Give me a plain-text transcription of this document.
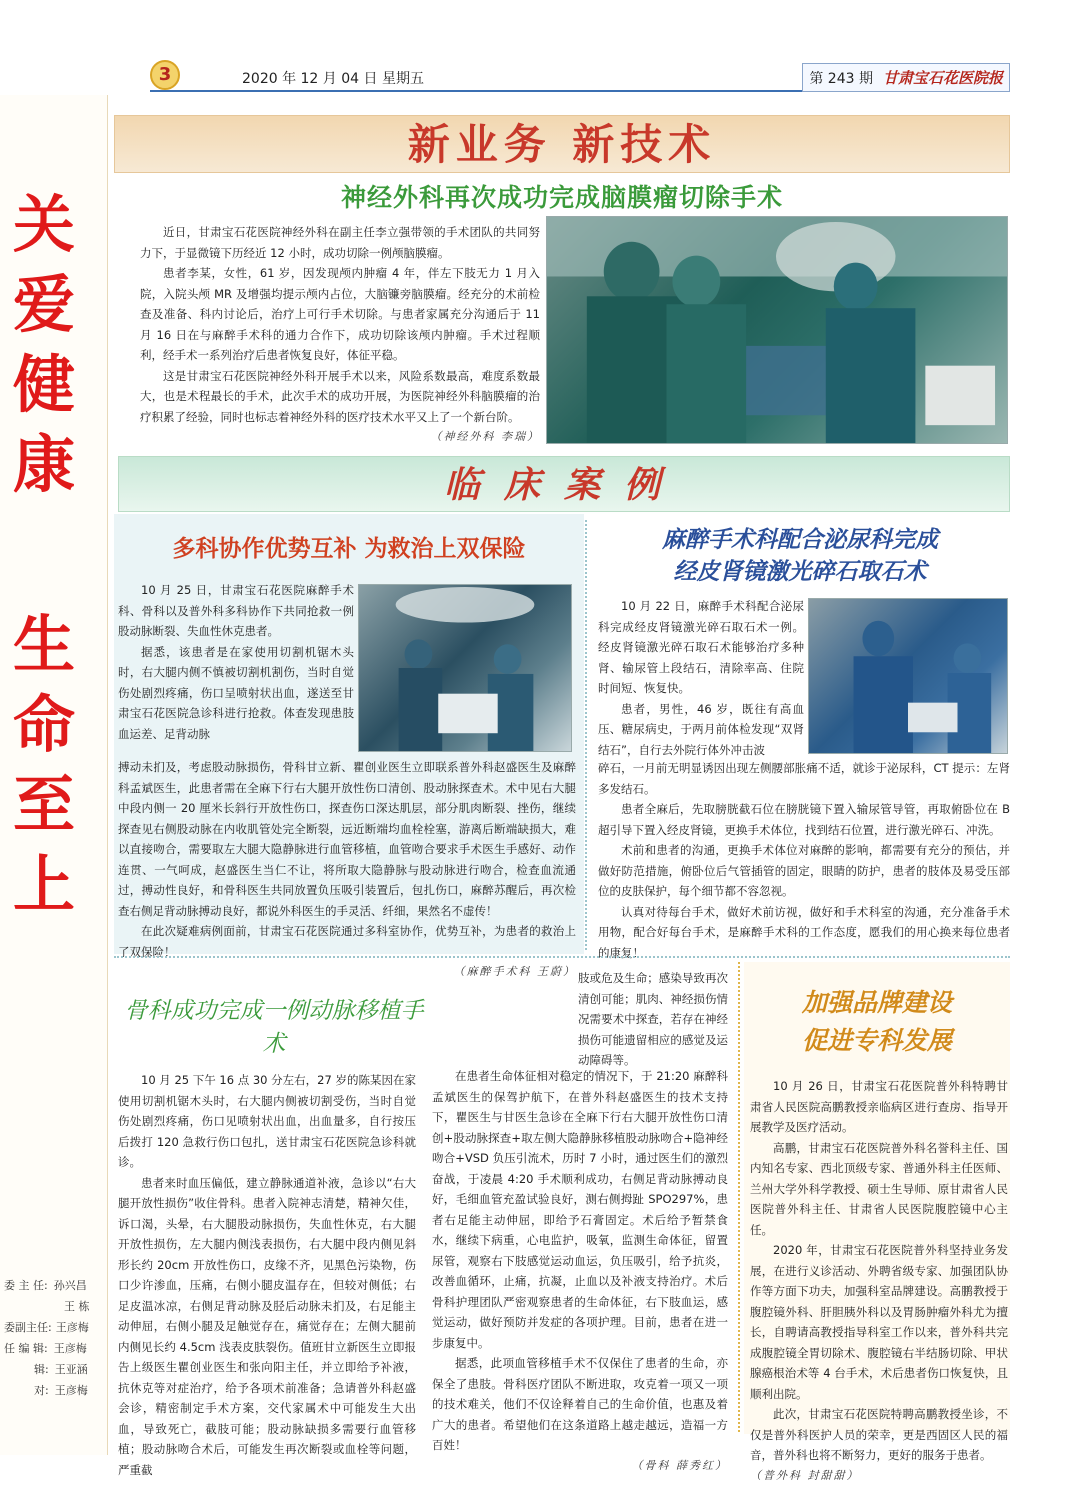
关
爱
健
康
生
命
至
上
委 主 任: 孙兴昌
王 栋
委副主任: 王彦梅
任 编 辑: 王彦梅
辑: 王亚涵
对: 王彦梅
3	2020 年 12 月 04 日 星期五	第 243 期 甘肃宝石花医院报
新业务 新技术
神经外科再次成功完成脑膜瘤切除手术
近日，甘肃宝石花医院神经外科在副主任李立强带领的手术团队的共同努力下，于显微镜下历经近 12 小时，成功切除一例颅脑膜瘤。
患者李某，女性，61 岁，因发现颅内肿瘤 4 年，伴左下肢无力 1 月入院，入院头颅 MR 及增强均提示颅内占位，大脑镰旁脑膜瘤。经充分的术前检查及准备、科内讨论后，治疗上可行手术切除。与患者家属充分沟通后于 11 月 16 日在与麻醉手术科的通力合作下，成功切除该颅内肿瘤。手术过程顺利，经手术一系列治疗后患者恢复良好，体征平稳。
这是甘肃宝石花医院神经外科开展手术以来，风险系数最高，难度系数最大，也是术程最长的手术，此次手术的成功开展，为医院神经外科脑膜瘤的治疗积累了经验，同时也标志着神经外科的医疗技术水平又上了一个新台阶。
（神经外科 李瑞）
临床案例
多科协作优势互补 为救治上双保险
10 月 25 日，甘肃宝石花医院麻醉手术科、骨科以及普外科多科协作下共同抢救一例股动脉断裂、失血性休克患者。
据悉，该患者是在家使用切割机锯木头时，右大腿内侧不慎被切割机割伤，当时自觉伤处剧烈疼痛，伤口呈喷射状出血，遂送至甘肃宝石花医院急诊科进行抢救。体查发现患肢血运差、足背动脉
搏动未扪及，考虑股动脉损伤，骨科甘立新、瞿创业医生立即联系普外科赵盛医生及麻醉科孟斌医生，此患者需在全麻下行右大腿开放性伤口清创、股动脉探查术。术中见右大腿中段内侧一 20 厘米长斜行开放性伤口，探查伤口深达肌层，部分肌肉断裂、挫伤，继续探查见右侧股动脉在内收肌管处完全断裂，远近断端均血栓栓塞，游离后断端缺损大，难以直接吻合，需要取左大腿大隐静脉进行血管移植，血管吻合要求手术医生手感好、动作连贯、一气呵成，赵盛医生当仁不让，将所取大隐静脉与股动脉进行吻合，检查血流通过，搏动性良好，和骨科医生共同放置负压吸引装置后，包扎伤口，麻醉苏醒后，再次检查右侧足背动脉搏动良好，都说外科医生的手灵活、纤细，果然名不虚传！
在此次疑难病例面前，甘肃宝石花医院通过多科室协作，优势互补，为患者的救治上了双保险！
（麻醉手术科 王蔚）
麻醉手术科配合泌尿科完成
经皮肾镜激光碎石取石术
10 月 22 日，麻醉手术科配合泌尿科完成经皮肾镜激光碎石取石术一例。经皮肾镜激光碎石取石术能够治疗多种肾、输尿管上段结石，清除率高、住院时间短、恢复快。
患者，男性，46 岁，既往有高血压、糖尿病史，于两月前体检发现“双肾结石”，自行去外院行体外冲击波
碎石，一月前无明显诱因出现左侧腰部胀痛不适，就诊于泌尿科，CT 提示：左肾多发结石。
患者全麻后，先取膀胱截石位在膀胱镜下置入输尿管导管，再取俯卧位在 B 超引导下置入经皮肾镜，更换手术体位，找到结石位置，进行激光碎石、冲洗。
术前和患者的沟通，更换手术体位对麻醉的影响，都需要有充分的预估，并做好防范措施，俯卧位后气管插管的固定，眼睛的防护，患者的肢体及易受压部位的皮肤保护，每个细节都不容忽视。
认真对待每台手术，做好术前访视，做好和手术科室的沟通，充分准备手术用物，配合好每台手术，是麻醉手术科的工作态度，愿我们的用心换来每位患者的康复！
骨科成功完成一例动脉移植手术
10 月 25 下午 16 点 30 分左右，27 岁的陈某因在家使用切割机锯木头时，右大腿内侧被切割受伤，当时自觉伤处剧烈疼痛，伤口见喷射状出血，出血量多，自行按压后拨打 120 急救行伤口包扎，送甘肃宝石花医院急诊科就诊。
患者来时血压偏低，建立静脉通道补液，急诊以“右大腿开放性损伤”收住骨科。患者入院神志清楚，精神欠佳，诉口渴，头晕，右大腿股动脉损伤，失血性休克，右大腿开放性损伤，左大腿内侧浅表损伤，右大腿中段内侧见斜形长约 20cm 开放性伤口，皮缘不齐，见黑色污染物，伤口少许渗血，压痛，右侧小腿皮温存在，但较对侧低；右足皮温冰凉，右侧足背动脉及胫后动脉未扪及，右足能主动伸屈，右侧小腿及足触觉存在，痛觉存在；左侧大腿前内侧见长约 4.5cm 浅表皮肤裂伤。值班甘立新医生立即报告上级医生瞿创业医生和张向阳主任，并立即给予补液，抗休克等对症治疗，给予各项术前准备；急请普外科赵盛会诊，精密制定手术方案，交代家属术中可能发生大出血，导致死亡，截肢可能；股动脉缺损多需要行血管移植；股动脉吻合术后，可能发生再次断裂或血栓等问题，严重截
肢或危及生命；感染导致再次清创可能；肌肉、神经损伤情况需要术中探查，若存在神经损伤可能遗留相应的感觉及运动障碍等。
在患者生命体征相对稳定的情况下，于 21:20 麻醉科孟斌医生的保驾护航下，在普外科赵盛医生的技术支持下，瞿医生与甘医生急诊在全麻下行右大腿开放性伤口清创+股动脉探查+取左侧大隐静脉移植股动脉吻合+隐神经吻合+VSD 负压引流术，历时 7 小时，通过医生们的激烈奋战，于凌晨 4:20 手术顺利成功，右侧足背动脉搏动良好，毛细血管充盈试验良好，测右侧拇趾 SPO297%，患者右足能主动伸屈，即给予石膏固定。术后给予暂禁食水，继续下病重，心电监护，吸氧，监测生命体征，留置尿管，观察右下肢感觉运动血运，负压吸引，给予抗炎，改善血循环，止痛，抗凝，止血以及补液支持治疗。术后骨科护理团队严密观察患者的生命体征，右下肢血运，感觉运动，做好预防并发症的各项护理。目前，患者在进一步康复中。
据悉，此项血管移植手术不仅保住了患者的生命，亦保全了患肢。骨科医疗团队不断进取，攻克着一项又一项的技术难关，他们不仅诠释着自己的生命价值，也惠及着广大的患者。希望他们在这条道路上越走越远，造福一方百姓！
（骨科 薛秀红）
加强品牌建设
促进专科发展
10 月 26 日，甘肃宝石花医院普外科特聘甘肃省人民医院高鹏教授亲临病区进行查房、指导开展教学及医疗活动。
高鹏，甘肃宝石花医院普外科名誉科主任、国内知名专家、西北顶级专家、普通外科主任医师、兰州大学外科学教授、硕士生导师、原甘肃省人民医院普外科主任、甘肃省人民医院腹腔镜中心主任。
2020 年，甘肃宝石花医院普外科坚持业务发展，在进行义诊活动、外聘省级专家、加强团队协作等方面下功夫，加强科室品牌建设。高鹏教授于腹腔镜外科、肝胆胰外科以及胃肠肿瘤外科尤为擅长，自聘请高教授指导科室工作以来，普外科共完成腹腔镜全胃切除术、腹腔镜右半结肠切除、甲状腺癌根治术等 4 台手术，术后患者伤口恢复快，且顺利出院。
此次，甘肃宝石花医院特聘高鹏教授坐诊，不仅是普外科医护人员的荣幸，更是西固区人民的福音，普外科也将不断努力，更好的服务于患者。
（普外科 封甜甜）
